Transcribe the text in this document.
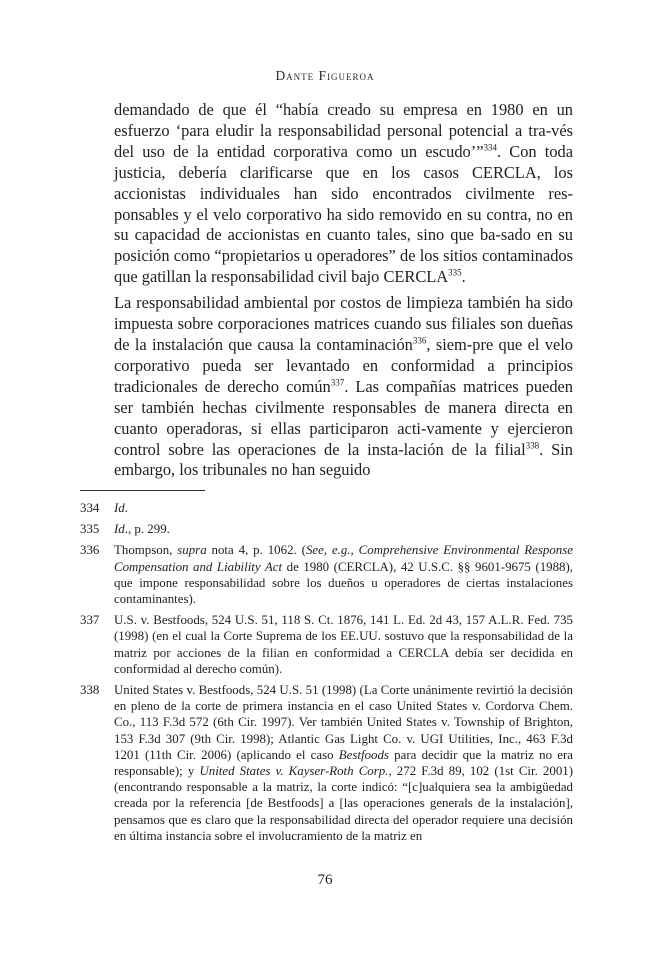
Dante Figueroa

demandado de que él “había creado su empresa en 1980 en un esfuerzo ‘para eludir la responsabilidad personal potencial a tra-vés del uso de la entidad corporativa como un escudo’”$^{334}$. Con toda justicia, debería clarificarse que en los casos CERCLA, los accionistas individuales han sido encontrados civilmente res-ponsables y el velo corporativo ha sido removido en su contra, no en su capacidad de accionistas en cuanto tales, sino que ba-sado en su posición como “propietarios u operadores” de los sitios contaminados que gatillan la responsabilidad civil bajo CERCLA$^{335}$.

La responsabilidad ambiental por costos de limpieza también ha sido impuesta sobre corporaciones matrices cuando sus filiales son dueñas de la instalación que causa la contaminación$^{336}$, siem-pre que el velo corporativo pueda ser levantado en conformidad a principios tradicionales de derecho común$^{337}$. Las compañías matrices pueden ser también hechas civilmente responsables de manera directa en cuanto operadoras, si ellas participaron acti-vamente y ejercieron control sobre las operaciones de la insta-lación de la filial$^{338}$. Sin embargo, los tribunales no han seguido

334	Id.
335	Id., p. 299.
336	Thompson, supra nota 4, p. 1062. (See, e.g., Comprehensive Environmental Response Compensation and Liability Act de 1980 (CERCLA), 42 U.S.C. §§ 9601-9675 (1988), que impone responsabilidad sobre los dueños u operadores de ciertas instalaciones contaminantes).
337	U.S. v. Bestfoods, 524 U.S. 51, 118 S. Ct. 1876, 141 L. Ed. 2d 43, 157 A.L.R. Fed. 735 (1998) (en el cual la Corte Suprema de los EE.UU. sostuvo que la responsabilidad de la matriz por acciones de la filian en conformidad a CERCLA debía ser decidida en conformidad al derecho común).
338	United States v. Bestfoods, 524 U.S. 51 (1998) (La Corte unánimente revirtió la decisión en pleno de la corte de primera instancia en el caso United States v. Cordorva Chem. Co., 113 F.3d 572 (6th Cir. 1997). Ver también United States v. Township of Brighton, 153 F.3d 307 (9th Cir. 1998); Atlantic Gas Light Co. v. UGI Utilities, Inc., 463 F.3d 1201 (11th Cir. 2006) (aplicando el caso Bestfoods para decidir que la matriz no era responsable); y United States v. Kayser-Roth Corp., 272 F.3d 89, 102 (1st Cir. 2001)(encontrando responsable a la matriz, la corte indicó: “[c]ualquiera sea la ambigüedad creada por la referencia [de Bestfoods] a [las operaciones generals de la instalación], pensamos que es claro que la responsabilidad directa del operador requiere una decisión en última instancia sobre el involucramiento de la matriz en
76
